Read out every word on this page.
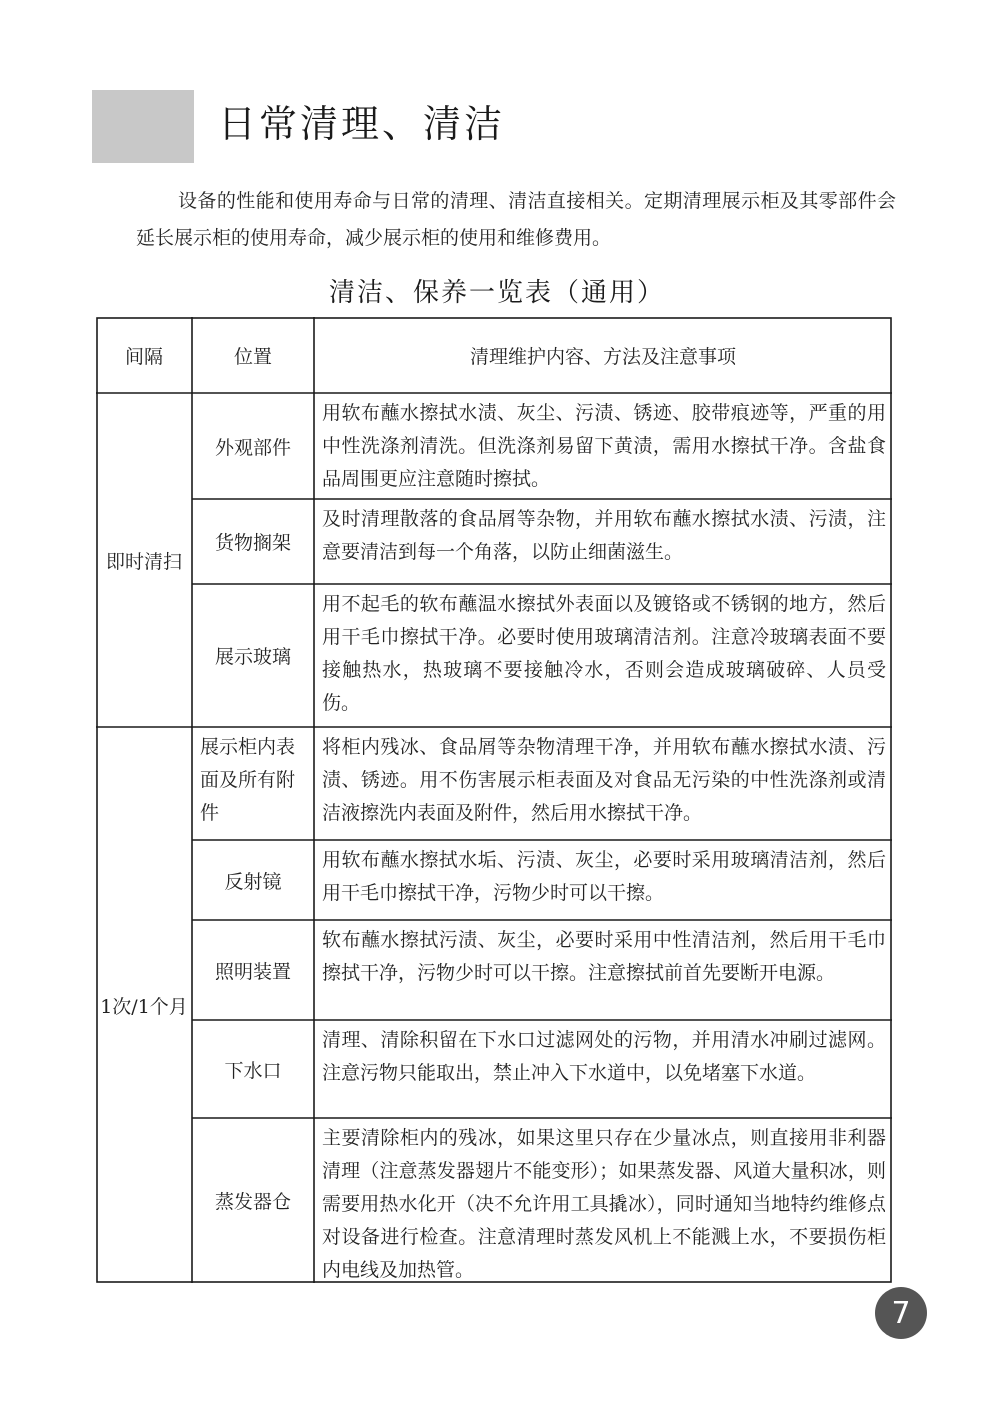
日常清理、清洁
设备的性能和使用寿命与日常的清理、清洁直接相关。定期清理展示柜及其零部件会延长展示柜的使用寿命，减少展示柜的使用和维修费用。
清洁、保养一览表（通用）
间隔	位置	清理维护内容、方法及注意事项
即时清扫
外观部件
用软布蘸水擦拭水渍、灰尘、污渍、锈迹、胶带痕迹等，严重的用中性洗涤剂清洗。但洗涤剂易留下黄渍，需用水擦拭干净。含盐食品周围更应注意随时擦拭。
货物搁架
及时清理散落的食品屑等杂物，并用软布蘸水擦拭水渍、污渍，注意要清洁到每一个角落，以防止细菌滋生。
展示玻璃
用不起毛的软布蘸温水擦拭外表面以及镀铬或不锈钢的地方，然后用干毛巾擦拭干净。必要时使用玻璃清洁剂。注意冷玻璃表面不要接触热水，热玻璃不要接触冷水，否则会造成玻璃破碎、人员受伤。
1次/1个月
展示柜内表面及所有附件
将柜内残冰、食品屑等杂物清理干净，并用软布蘸水擦拭水渍、污渍、锈迹。用不伤害展示柜表面及对食品无污染的中性洗涤剂或清洁液擦洗内表面及附件，然后用水擦拭干净。
反射镜
用软布蘸水擦拭水垢、污渍、灰尘，必要时采用玻璃清洁剂，然后用干毛巾擦拭干净，污物少时可以干擦。
照明装置
软布蘸水擦拭污渍、灰尘，必要时采用中性清洁剂，然后用干毛巾擦拭干净，污物少时可以干擦。注意擦拭前首先要断开电源。
下水口
清理、清除积留在下水口过滤网处的污物，并用清水冲刷过滤网。注意污物只能取出，禁止冲入下水道中，以免堵塞下水道。
蒸发器仓
主要清除柜内的残冰，如果这里只存在少量冰点，则直接用非利器清理（注意蒸发器翅片不能变形）；如果蒸发器、风道大量积冰，则需要用热水化开（决不允许用工具撬冰），同时通知当地特约维修点对设备进行检查。注意清理时蒸发风机上不能溅上水，不要损伤柜内电线及加热管。
7
